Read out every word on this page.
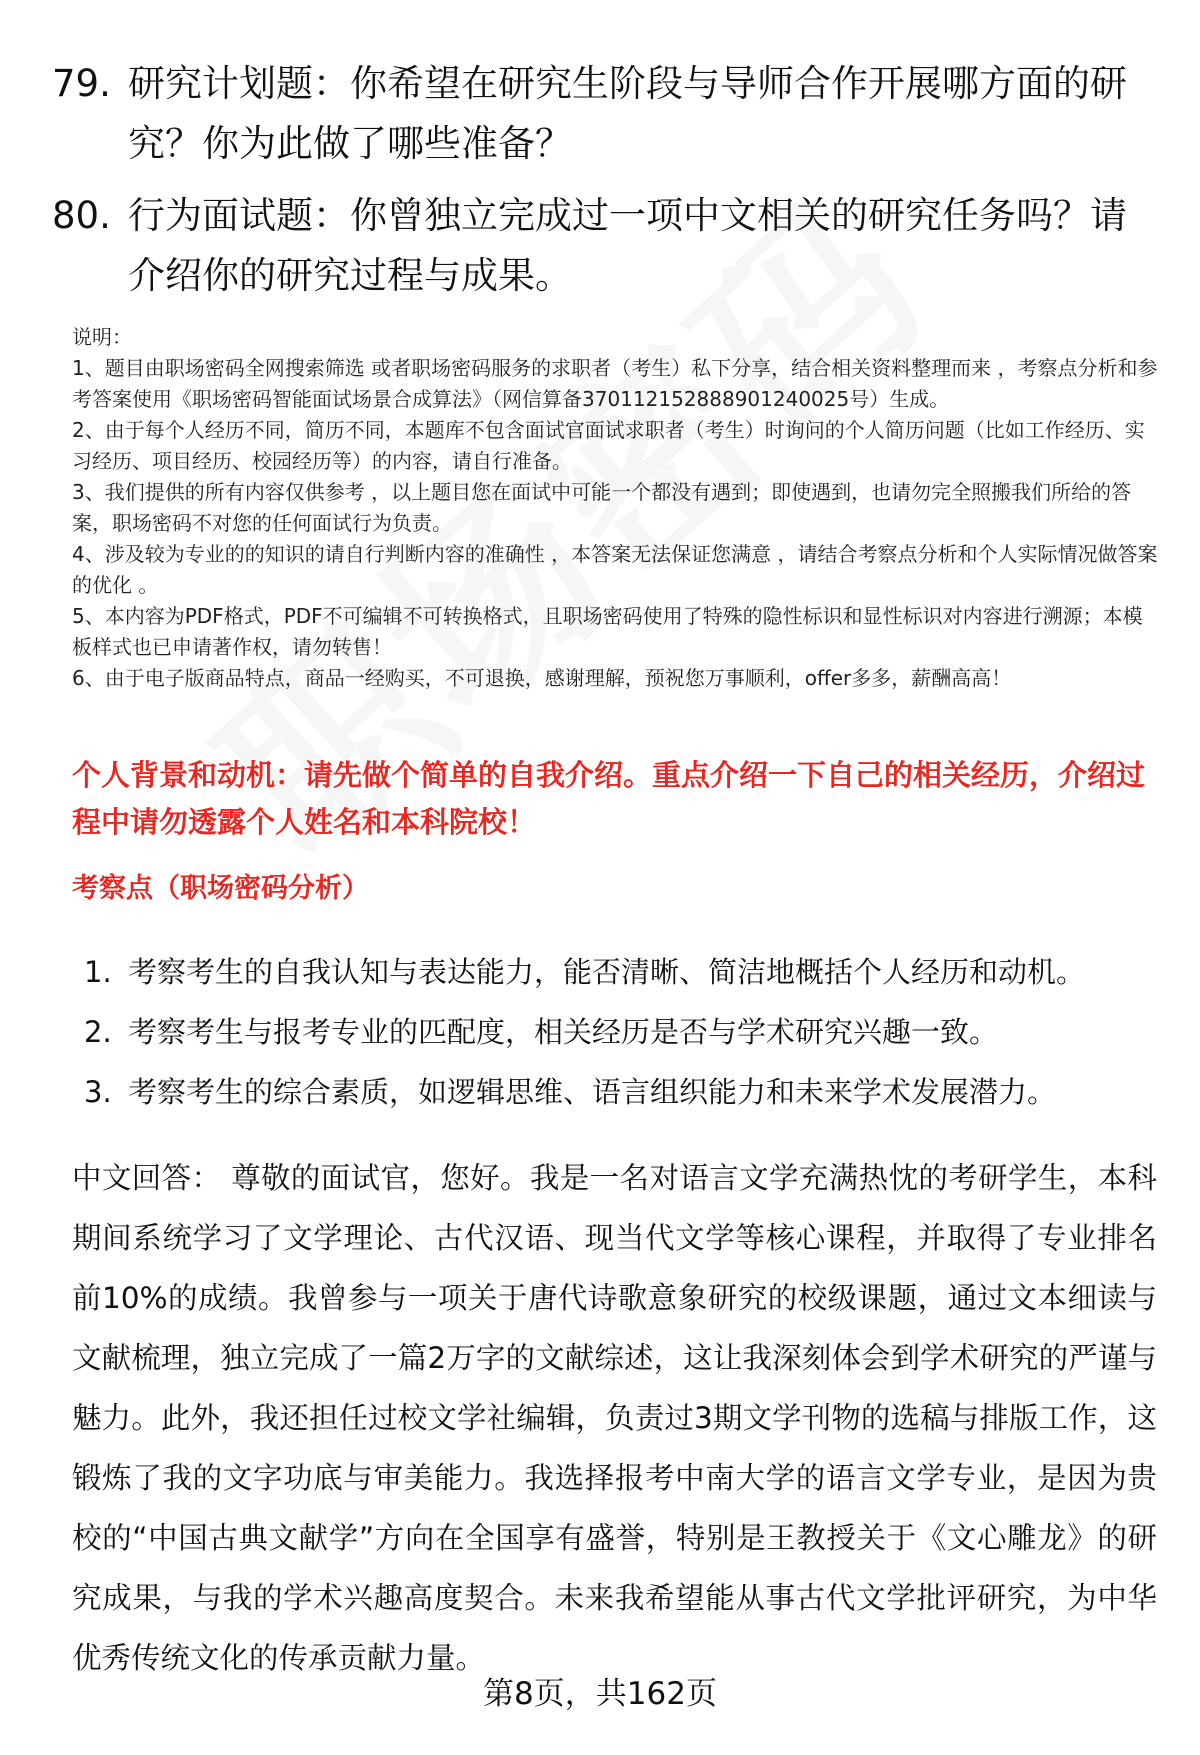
79. 研究计划题：你希望在研究生阶段与导师合作开展哪方面的研究？你为此做了哪些准备？
80. 行为面试题：你曾独立完成过一项中文相关的研究任务吗？请介绍你的研究过程与成果。

说明：

1、题目由职场密码全网搜索筛选 或者职场密码服务的求职者（考生）私下分享，结合相关资料整理而来 ，考察点分析和参考答案使用《职场密码智能面试场景合成算法》（网信算备370112152888901240025号）生成。

2、由于每个人经历不同，简历不同，本题库不包含面试官面试求职者（考生）时询问的个人简历问题（比如工作经历、实习经历、项目经历、校园经历等）的内容，请自行准备。

3、我们提供的所有内容仅供参考 ，以上题目您在面试中可能一个都没有遇到；即使遇到，也请勿完全照搬我们所给的答案，职场密码不对您的任何面试行为负责。

4、涉及较为专业的的知识的请自行判断内容的准确性 ，本答案无法保证您满意 ，请结合考察点分析和个人实际情况做答案的优化 。

5、本内容为PDF格式，PDF不可编辑不可转换格式，且职场密码使用了特殊的隐性标识和显性标识对内容进行溯源；本模板样式也已申请著作权，请勿转售！

6、由于电子版商品特点，商品一经购买，不可退换，感谢理解，预祝您万事顺利，offer多多，薪酬高高！

个人背景和动机：请先做个简单的自我介绍。重点介绍一下自己的相关经历，介绍过程中请勿透露个人姓名和本科院校！
考察点（职场密码分析）
1. 考察考生的自我认知与表达能力，能否清晰、简洁地概括个人经历和动机。
2. 考察考生与报考专业的匹配度，相关经历是否与学术研究兴趣一致。
3. 考察考生的综合素质，如逻辑思维、语言组织能力和未来学术发展潜力。
中文回答： 尊敬的面试官，您好。我是一名对语言文学充满热忱的考研学生，本科期间系统学习了文学理论、古代汉语、现当代文学等核心课程，并取得了专业排名前10%的成绩。我曾参与一项关于唐代诗歌意象研究的校级课题，通过文本细读与文献梳理，独立完成了一篇2万字的文献综述，这让我深刻体会到学术研究的严谨与魅力。此外，我还担任过校文学社编辑，负责过3期文学刊物的选稿与排版工作，这锻炼了我的文字功底与审美能力。我选择报考中南大学的语言文学专业，是因为贵校的“中国古典文献学”方向在全国享有盛誉，特别是王教授关于《文心雕龙》的研究成果，与我的学术兴趣高度契合。未来我希望能从事古代文学批评研究，为中华优秀传统文化的传承贡献力量。
第8页，共162页
